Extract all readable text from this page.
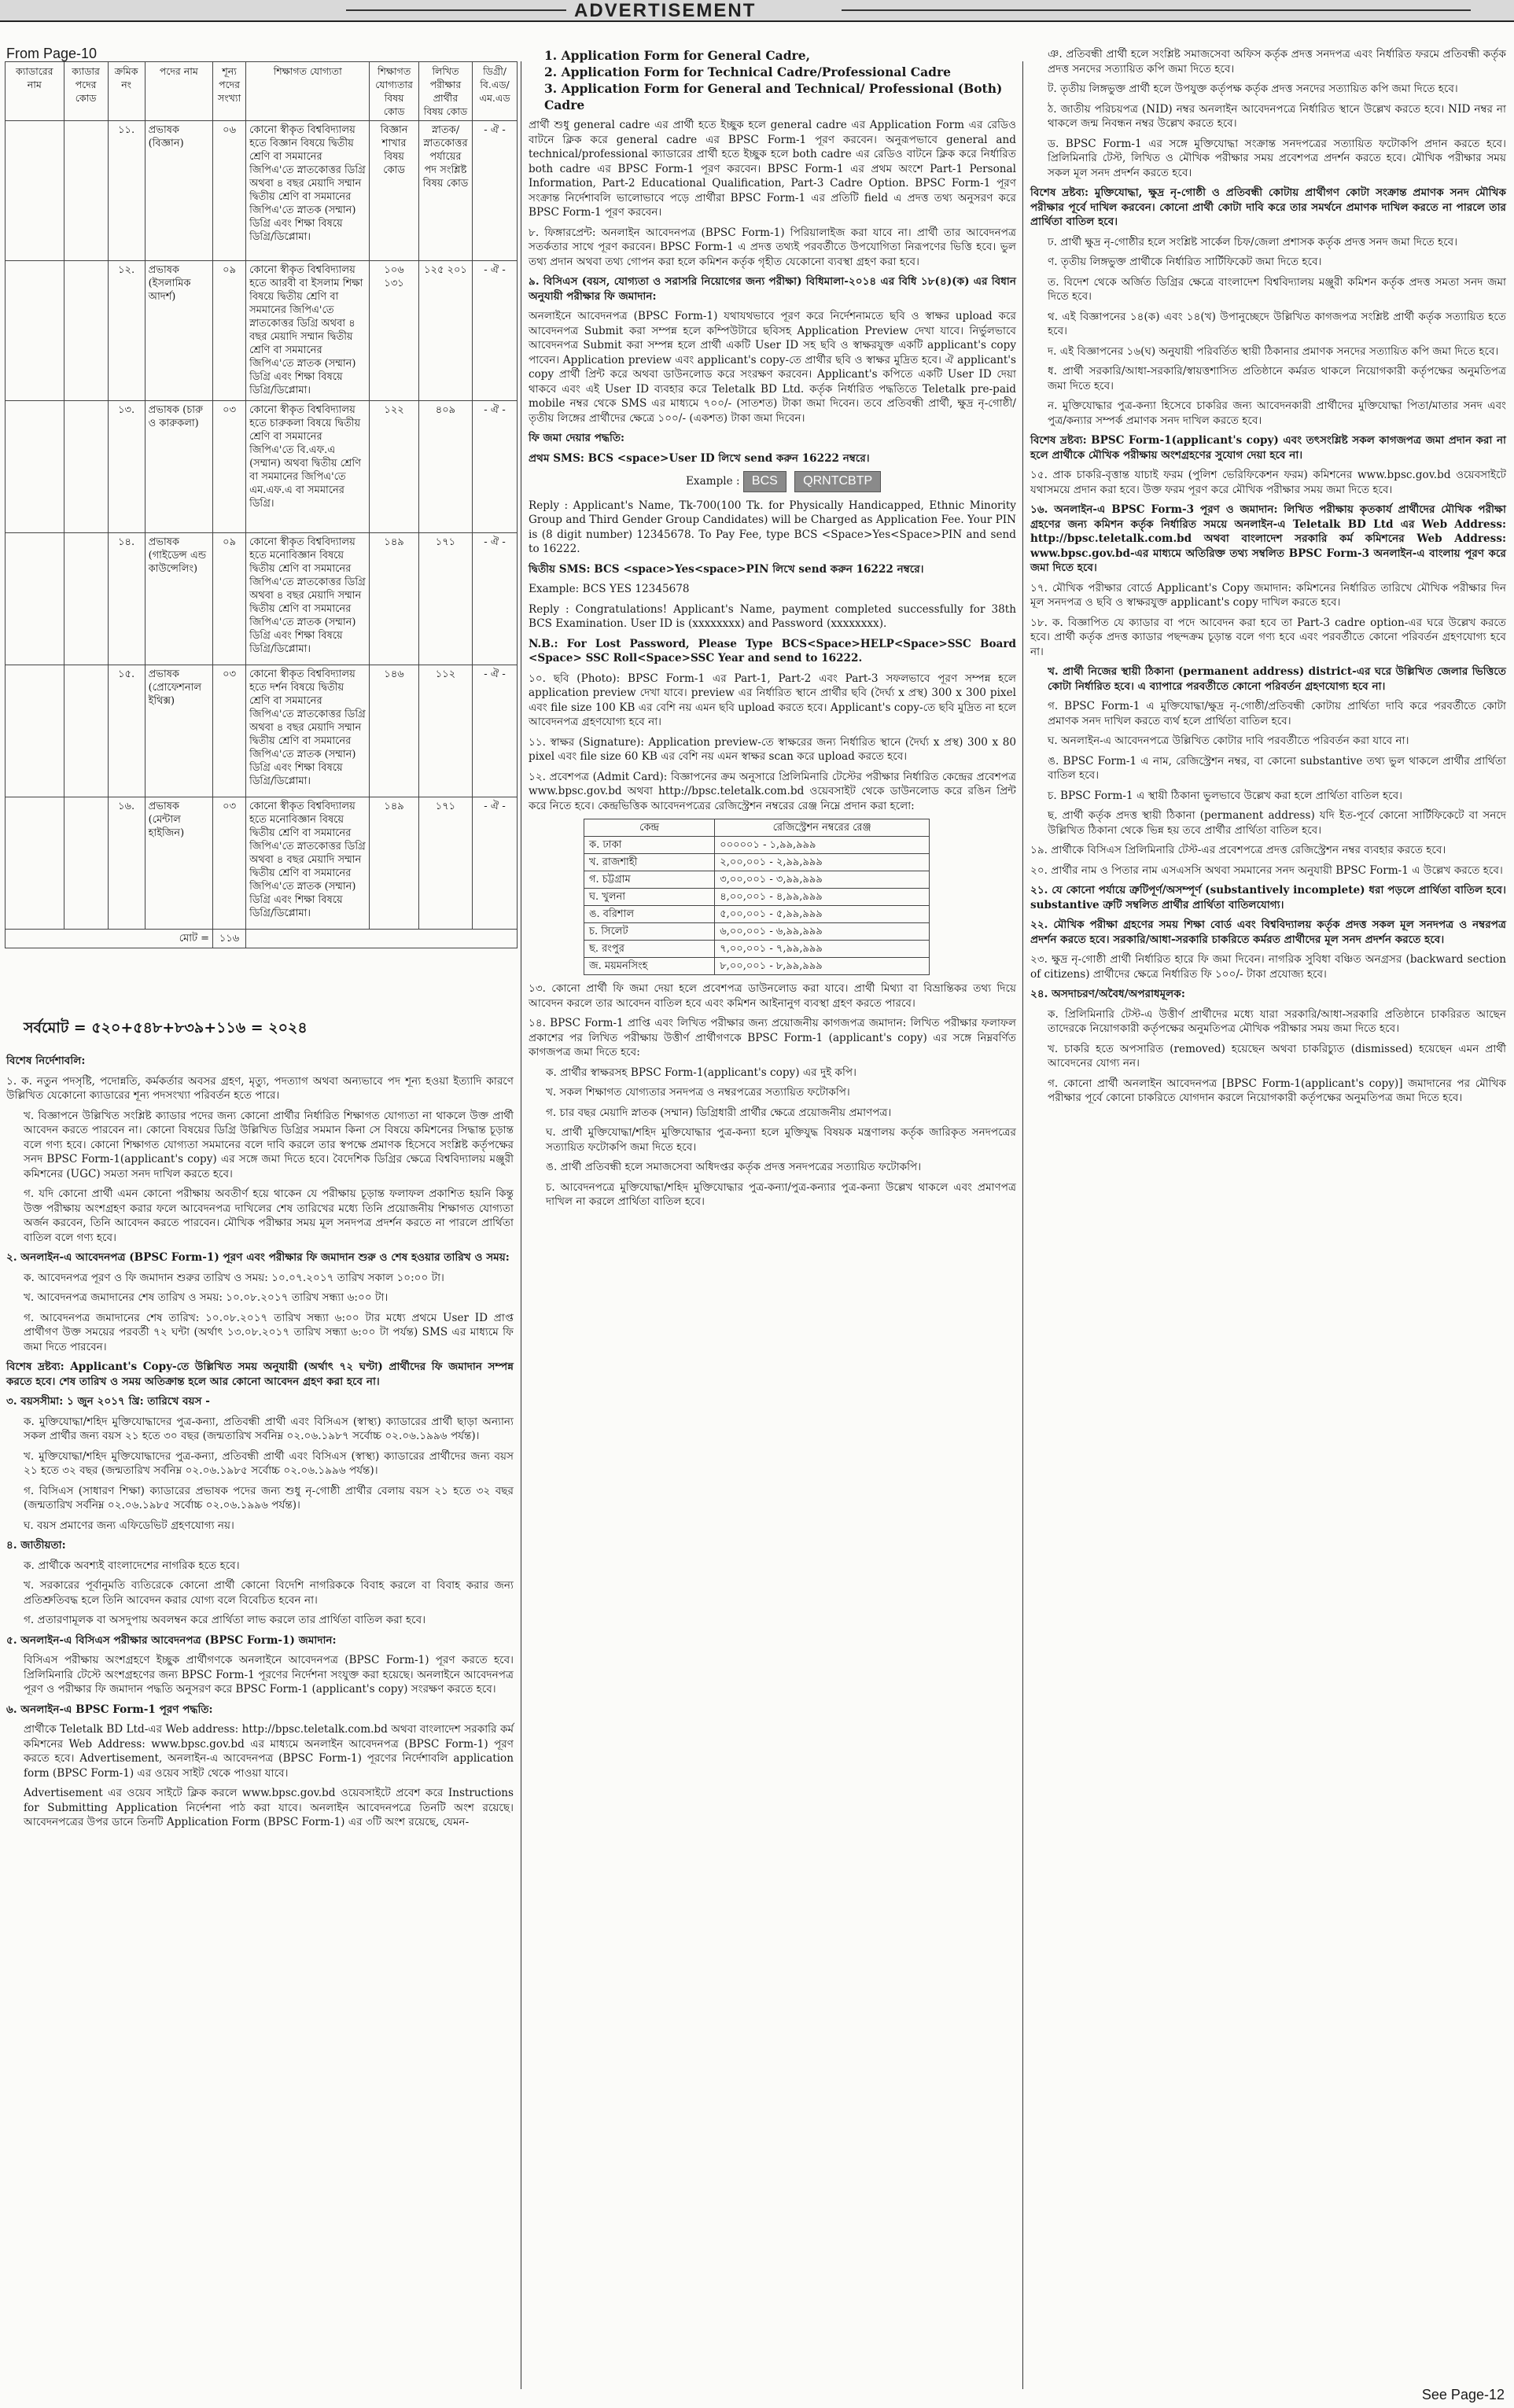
ADVERTISEMENT
From Page-10
ক্যাডারের নাম	ক্যাডার পদের কোড	ক্রমিক নং	পদের নাম	শূন্য পদের সংখ্যা	শিক্ষাগত যোগ্যতা	শিক্ষাগত যোগ্যতার বিষয় কোড	লিখিত পরীক্ষার প্রার্থীর বিষয় কোড	ডিগ্রী/ বি.এড/ এম.এড
		১১.	প্রভাষক (বিজ্ঞান)	০৬	কোনো স্বীকৃত বিশ্ববিদ্যালয় হতে বিজ্ঞান বিষয়ে দ্বিতীয় শ্রেণি বা সমমানের জিপিএ'তে স্নাতকোত্তর ডিগ্রি অথবা ৪ বছর মেয়াদি সম্মান দ্বিতীয় শ্রেণি বা সমমানের জিপিএ'তে স্নাতক (সম্মান) ডিগ্রি এবং শিক্ষা বিষয়ে ডিগ্রি/ডিপ্লোমা।	বিজ্ঞান শাখার বিষয় কোড	স্নাতক/ স্নাতকোত্তর পর্যায়ের পদ সংশ্লিষ্ট বিষয় কোড	- ঐ -
		১২.	প্রভাষক (ইসলামিক আদর্শ)	০৯	কোনো স্বীকৃত বিশ্ববিদ্যালয় হতে আরবী বা ইসলাম শিক্ষা বিষয়ে দ্বিতীয় শ্রেণি বা সমমানের জিপিএ'তে স্নাতকোত্তর ডিগ্রি অথবা ৪ বছর মেয়াদি সম্মান দ্বিতীয় শ্রেণি বা সমমানের জিপিএ'তে স্নাতক (সম্মান) ডিগ্রি এবং শিক্ষা বিষয়ে ডিগ্রি/ডিপ্লোমা।	১০৬ ১৩১	১২৫ ২০১	- ঐ -
		১৩.	প্রভাষক (চারু ও কারুকলা)	০৩	কোনো স্বীকৃত বিশ্ববিদ্যালয় হতে চারুকলা বিষয়ে দ্বিতীয় শ্রেণি বা সমমানের জিপিএ'তে বি.এফ.এ (সম্মান) অথবা দ্বিতীয় শ্রেণি বা সমমানের জিপিএ'তে এম.এফ.এ বা সমমানের ডিগ্রি।	১২২	৪০৯	- ঐ -
		১৪.	প্রভাষক (গাইডেন্স এন্ড কাউন্সেলিং)	০৯	কোনো স্বীকৃত বিশ্ববিদ্যালয় হতে মনোবিজ্ঞান বিষয়ে দ্বিতীয় শ্রেণি বা সমমানের জিপিএ'তে স্নাতকোত্তর ডিগ্রি অথবা ৪ বছর মেয়াদি সম্মান দ্বিতীয় শ্রেণি বা সমমানের জিপিএ'তে স্নাতক (সম্মান) ডিগ্রি এবং শিক্ষা বিষয়ে ডিগ্রি/ডিপ্লোমা।	১৪৯	১৭১	- ঐ -
		১৫.	প্রভাষক (প্রোফেশনাল ইথিক্স)	০৩	কোনো স্বীকৃত বিশ্ববিদ্যালয় হতে দর্শন বিষয়ে দ্বিতীয় শ্রেণি বা সমমানের জিপিএ'তে স্নাতকোত্তর ডিগ্রি অথবা ৪ বছর মেয়াদি সম্মান দ্বিতীয় শ্রেণি বা সমমানের জিপিএ'তে স্নাতক (সম্মান) ডিগ্রি এবং শিক্ষা বিষয়ে ডিগ্রি/ডিপ্লোমা।	১৪৬	১১২	- ঐ -
		১৬.	প্রভাষক (মেন্টাল হাইজিন)	০৩	কোনো স্বীকৃত বিশ্ববিদ্যালয় হতে মনোবিজ্ঞান বিষয়ে দ্বিতীয় শ্রেণি বা সমমানের জিপিএ'তে স্নাতকোত্তর ডিগ্রি অথবা ৪ বছর মেয়াদি সম্মান দ্বিতীয় শ্রেণি বা সমমানের জিপিএ'তে স্নাতক (সম্মান) ডিগ্রি এবং শিক্ষা বিষয়ে ডিগ্রি/ডিপ্লোমা।	১৪৯	১৭১	- ঐ -
মোট =				১১৬				
সর্বমোট = ৫২০+৫৪৮+৮৩৯+১১৬ = ২০২৪

বিশেষ নির্দেশাবলি:

১. ক. নতুন পদসৃষ্টি, পদোন্নতি, কর্মকর্তার অবসর গ্রহণ, মৃত্যু, পদত্যাগ অথবা অন্যভাবে পদ শূন্য হওয়া ইত্যাদি কারণে উল্লিখিত যেকোনো ক্যাডারের শূন্য পদসংখ্যা পরিবর্তন হতে পারে।

খ. বিজ্ঞাপনে উল্লিখিত সংশ্লিষ্ট ক্যাডার পদের জন্য কোনো প্রার্থীর নির্ধারিত শিক্ষাগত যোগ্যতা না থাকলে উক্ত প্রার্থী আবেদন করতে পারবেন না। কোনো বিষয়ের ডিগ্রি উল্লিখিত ডিগ্রির সমমান কিনা সে বিষয়ে কমিশনের সিদ্ধান্ত চূড়ান্ত বলে গণ্য হবে। কোনো শিক্ষাগত যোগ্যতা সমমানের বলে দাবি করলে তার স্বপক্ষে প্রমাণক হিসেবে সংশ্লিষ্ট কর্তৃপক্ষের সনদ BPSC Form-1(applicant's copy) এর সঙ্গে জমা দিতে হবে। বৈদেশিক ডিগ্রির ক্ষেত্রে বিশ্ববিদ্যালয় মঞ্জুরী কমিশনের (UGC) সমতা সনদ দাখিল করতে হবে।

গ. যদি কোনো প্রার্থী এমন কোনো পরীক্ষায় অবতীর্ণ হয়ে থাকেন যে পরীক্ষায় চূড়ান্ত ফলাফল প্রকাশিত হয়নি কিন্তু উক্ত পরীক্ষায় অংশগ্রহণ করার ফলে আবেদনপত্র দাখিলের শেষ তারিখের মধ্যে তিনি প্রয়োজনীয় শিক্ষাগত যোগ্যতা অর্জন করবেন, তিনি আবেদন করতে পারবেন। মৌখিক পরীক্ষার সময় মূল সনদপত্র প্রদর্শন করতে না পারলে প্রার্থিতা বাতিল বলে গণ্য হবে।

২. অনলাইন-এ আবেদনপত্র (BPSC Form-1) পূরণ এবং পরীক্ষার ফি জমাদান শুরু ও শেষ হওয়ার তারিখ ও সময়:

ক. আবেদনপত্র পূরণ ও ফি জমাদান শুরুর তারিখ ও সময়: ১০.০৭.২০১৭ তারিখ সকাল ১০:০০ টা।

খ. আবেদনপত্র জমাদানের শেষ তারিখ ও সময়: ১০.০৮.২০১৭ তারিখ সন্ধ্যা ৬:০০ টা।

গ. আবেদনপত্র জমাদানের শেষ তারিখ: ১০.০৮.২০১৭ তারিখ সন্ধ্যা ৬:০০ টার মধ্যে প্রথমে User ID প্রাপ্ত প্রার্থীগণ উক্ত সময়ের পরবর্তী ৭২ ঘন্টা (অর্থাৎ ১৩.০৮.২০১৭ তারিখ সন্ধ্যা ৬:০০ টা পর্যন্ত) SMS এর মাধ্যমে ফি জমা দিতে পারবেন।

বিশেষ দ্রষ্টব্য: Applicant's Copy-তে উল্লিখিত সময় অনুযায়ী (অর্থাৎ ৭২ ঘণ্টা) প্রার্থীদের ফি জমাদান সম্পন্ন করতে হবে। শেষ তারিখ ও সময় অতিক্রান্ত হলে আর কোনো আবেদন গ্রহণ করা হবে না।

৩. বয়সসীমা: ১ জুন ২০১৭ খ্রি: তারিখে বয়স -

ক. মুক্তিযোদ্ধা/শহিদ মুক্তিযোদ্ধাদের পুত্র-কন্যা, প্রতিবন্ধী প্রার্থী এবং বিসিএস (স্বাস্থ্য) ক্যাডারের প্রার্থী ছাড়া অন্যান্য সকল প্রার্থীর জন্য বয়স ২১ হতে ৩০ বছর (জন্মতারিখ সর্বনিম্ন ০২.০৬.১৯৮৭ সর্বোচ্চ ০২.০৬.১৯৯৬ পর্যন্ত)।

খ. মুক্তিযোদ্ধা/শহিদ মুক্তিযোদ্ধাদের পুত্র-কন্যা, প্রতিবন্ধী প্রার্থী এবং বিসিএস (স্বাস্থ্য) ক্যাডারের প্রার্থীদের জন্য বয়স ২১ হতে ৩২ বছর (জন্মতারিখ সর্বনিম্ন ০২.০৬.১৯৮৫ সর্বোচ্চ ০২.০৬.১৯৯৬ পর্যন্ত)।

গ. বিসিএস (সাধারণ শিক্ষা) ক্যাডারের প্রভাষক পদের জন্য শুধু নৃ-গোষ্ঠী প্রার্থীর বেলায় বয়স ২১ হতে ৩২ বছর (জন্মতারিখ সর্বনিম্ন ০২.০৬.১৯৮৫ সর্বোচ্চ ০২.০৬.১৯৯৬ পর্যন্ত)।

ঘ. বয়স প্রমাণের জন্য এফিডেভিট গ্রহণযোগ্য নয়।

৪. জাতীয়তা:

ক. প্রার্থীকে অবশ্যই বাংলাদেশের নাগরিক হতে হবে।

খ. সরকারের পূর্বানুমতি ব্যতিরেকে কোনো প্রার্থী কোনো বিদেশি নাগরিককে বিবাহ করলে বা বিবাহ করার জন্য প্রতিশ্রুতিবদ্ধ হলে তিনি আবেদন করার যোগ্য বলে বিবেচিত হবেন না।

গ. প্রতারণামূলক বা অসদুপায় অবলম্বন করে প্রার্থিতা লাভ করলে তার প্রার্থিতা বাতিল করা হবে।

৫. অনলাইন-এ বিসিএস পরীক্ষার আবেদনপত্র (BPSC Form-1) জমাদান:

বিসিএস পরীক্ষায় অংশগ্রহণে ইচ্ছুক প্রার্থীগণকে অনলাইনে আবেদনপত্র (BPSC Form-1) পূরণ করতে হবে। প্রিলিমিনারি টেস্টে অংশগ্রহণের জন্য BPSC Form-1 পূরণের নির্দেশনা সংযুক্ত করা হয়েছে। অনলাইনে আবেদনপত্র পূরণ ও পরীক্ষার ফি জমাদান পদ্ধতি অনুসরণ করে BPSC Form-1 (applicant's copy) সংরক্ষণ করতে হবে।

৬. অনলাইন-এ BPSC Form-1 পূরণ পদ্ধতি:

প্রার্থীকে Teletalk BD Ltd-এর Web address: http://bpsc.teletalk.com.bd অথবা বাংলাদেশ সরকারি কর্ম কমিশনের Web Address: www.bpsc.gov.bd এর মাধ্যমে অনলাইন আবেদনপত্র (BPSC Form-1) পূরণ করতে হবে। Advertisement, অনলাইন-এ আবেদনপত্র (BPSC Form-1) পূরণের নির্দেশাবলি application form (BPSC Form-1) এর ওয়েব সাইট থেকে পাওয়া যাবে।

Advertisement এর ওয়েব সাইটে ক্লিক করলে www.bpsc.gov.bd ওয়েবসাইটে প্রবেশ করে Instructions for Submitting Application নির্দেশনা পাঠ করা যাবে। অনলাইন আবেদনপত্রে তিনটি অংশ রয়েছে। আবেদনপত্রের উপর ডানে তিনটি Application Form (BPSC Form-1) এর ৩টি অংশ রয়েছে, যেমন-

1. Application Form for General Cadre,
2. Application Form for Technical Cadre/Professional Cadre
3. Application Form for General and Technical/ Professional (Both) Cadre

প্রার্থী শুধু general cadre এর প্রার্থী হতে ইচ্ছুক হলে general cadre এর Application Form এর রেডিও বাটনে ক্লিক করে general cadre এর BPSC Form-1 পূরণ করবেন। অনুরূপভাবে general and technical/professional ক্যাডারের প্রার্থী হতে ইচ্ছুক হলে both cadre এর রেডিও বাটনে ক্লিক করে নির্ধারিত both cadre এর BPSC Form-1 পূরণ করবেন। BPSC Form-1 এর প্রথম অংশে Part-1 Personal Information, Part-2 Educational Qualification, Part-3 Cadre Option. BPSC Form-1 পূরণ সংক্রান্ত নির্দেশাবলি ভালোভাবে পড়ে প্রার্থীরা BPSC Form-1 এর প্রতিটি field এ প্রদত্ত তথ্য অনুসরণ করে BPSC Form-1 পূরণ করবেন।

৮. ফিঙ্গারপ্রেন্ট: অনলাইন আবেদনপত্র (BPSC Form-1) পিরিয়ালাইজ করা যাবে না। প্রার্থী তার আবেদনপত্র সতর্কতার সাথে পূরণ করবেন। BPSC Form-1 এ প্রদত্ত তথ্যই পরবর্তীতে উপযোগিতা নিরূপণের ভিত্তি হবে। ভুল তথ্য প্রদান অথবা তথ্য গোপন করা হলে কমিশন কর্তৃক গৃহীত যেকোনো ব্যবস্থা গ্রহণ করা হবে।

৯. বিসিএস (বয়স, যোগ্যতা ও সরাসরি নিয়োগের জন্য পরীক্ষা) বিধিমালা-২০১৪ এর বিধি ১৮(৪)(ক) এর বিধান অনুযায়ী পরীক্ষার ফি জমাদান:

অনলাইনে আবেদনপত্র (BPSC Form-1) যথাযথভাবে পূরণ করে নির্দেশনামতে ছবি ও স্বাক্ষর upload করে আবেদনপত্র Submit করা সম্পন্ন হলে কম্পিউটারে ছবিসহ Application Preview দেখা যাবে। নির্ভুলভাবে আবেদনপত্র Submit করা সম্পন্ন হলে প্রার্থী একটি User ID সহ ছবি ও স্বাক্ষরযুক্ত একটি applicant's copy পাবেন। Application preview এবং applicant's copy-তে প্রার্থীর ছবি ও স্বাক্ষর মুদ্রিত হবে। ঐ applicant's copy প্রার্থী প্রিন্ট করে অথবা ডাউনলোড করে সংরক্ষণ করবেন। Applicant's কপিতে একটি User ID দেয়া থাকবে এবং এই User ID ব্যবহার করে Teletalk BD Ltd. কর্তৃক নির্ধারিত পদ্ধতিতে Teletalk pre-paid mobile নম্বর থেকে SMS এর মাধ্যমে ৭০০/- (সাতশত) টাকা জমা দিবেন। তবে প্রতিবন্ধী প্রার্থী, ক্ষুদ্র নৃ-গোষ্ঠী/তৃতীয় লিঙ্গের প্রার্থীদের ক্ষেত্রে ১০০/- (একশত) টাকা জমা দিবেন।

ফি জমা দেয়ার পদ্ধতি:

প্রথম SMS: BCS <space>User ID লিখে send করুন 16222 নম্বরে।

Example : BCS QRNTCBTP

Reply : Applicant's Name, Tk-700(100 Tk. for Physically Handicapped, Ethnic Minority Group and Third Gender Group Candidates) will be Charged as Application Fee. Your PIN is (8 digit number) 12345678. To Pay Fee, type BCS <Space>Yes<Space>PIN and send to 16222.

দ্বিতীয় SMS: BCS <space>Yes<space>PIN লিখে send করুন 16222 নম্বরে।

Example: BCS YES 12345678

Reply : Congratulations! Applicant's Name, payment completed successfully for 38th BCS Examination. User ID is (xxxxxxxx) and Password (xxxxxxxx).

N.B.: For Lost Password, Please Type BCS<Space>HELP<Space>SSC Board <Space> SSC Roll<Space>SSC Year and send to 16222.

১০. ছবি (Photo): BPSC Form-1 এর Part-1, Part-2 এবং Part-3 সফলভাবে পূরণ সম্পন্ন হলে application preview দেখা যাবে। preview এর নির্ধারিত স্থানে প্রার্থীর ছবি (দৈর্ঘ্য x প্রস্থ) 300 x 300 pixel এবং file size 100 KB এর বেশি নয় এমন ছবি upload করতে হবে। Applicant's copy-তে ছবি মুদ্রিত না হলে আবেদনপত্র গ্রহণযোগ্য হবে না।

১১. স্বাক্ষর (Signature): Application preview-তে স্বাক্ষরের জন্য নির্ধারিত স্থানে (দৈর্ঘ্য x প্রস্থ) 300 x 80 pixel এবং file size 60 KB এর বেশি নয় এমন স্বাক্ষর scan করে upload করতে হবে।

১২. প্রবেশপত্র (Admit Card): বিজ্ঞাপনের ক্রম অনুসারে প্রিলিমিনারি টেস্টের পরীক্ষার নির্ধারিত কেন্দ্রের প্রবেশপত্র www.bpsc.gov.bd অথবা http://bpsc.teletalk.com.bd ওয়েবসাইট থেকে ডাউনলোড করে রঙিন প্রিন্ট করে নিতে হবে। কেন্দ্রভিত্তিক আবেদনপত্রের রেজিস্ট্রেশন নম্বরের রেঞ্জ নিম্নে প্রদান করা হলো:

কেন্দ্র	রেজিস্ট্রেশন নম্বরের রেঞ্জ
ক. ঢাকা	০০০০০১ - ১,৯৯,৯৯৯
খ. রাজশাহী	২,০০,০০১ - ২,৯৯,৯৯৯
গ. চট্টগ্রাম	৩,০০,০০১ - ৩,৯৯,৯৯৯
ঘ. খুলনা	৪,০০,০০১ - ৪,৯৯,৯৯৯
ঙ. বরিশাল	৫,০০,০০১ - ৫,৯৯,৯৯৯
চ. সিলেট	৬,০০,০০১ - ৬,৯৯,৯৯৯
ছ. রংপুর	৭,০০,০০১ - ৭,৯৯,৯৯৯
জ. ময়মনসিংহ	৮,০০,০০১ - ৮,৯৯,৯৯৯

১৩. কোনো প্রার্থী ফি জমা দেয়া হলে প্রবেশপত্র ডাউনলোড করা যাবে। প্রার্থী মিথ্যা বা বিভ্রান্তিকর তথ্য দিয়ে আবেদন করলে তার আবেদন বাতিল হবে এবং কমিশন আইনানুগ ব্যবস্থা গ্রহণ করতে পারবে।

১৪. BPSC Form-1 প্রাপ্তি এবং লিখিত পরীক্ষার জন্য প্রয়োজনীয় কাগজপত্র জমাদান: লিখিত পরীক্ষার ফলাফল প্রকাশের পর লিখিত পরীক্ষায় উত্তীর্ণ প্রার্থীগণকে BPSC Form-1 (applicant's copy) এর সঙ্গে নিম্নবর্ণিত কাগজপত্র জমা দিতে হবে:

ক. প্রার্থীর স্বাক্ষরসহ BPSC Form-1(applicant's copy) এর দুই কপি।

খ. সকল শিক্ষাগত যোগ্যতার সনদপত্র ও নম্বরপত্রের সত্যায়িত ফটোকপি।

গ. চার বছর মেয়াদি স্নাতক (সম্মান) ডিগ্রিধারী প্রার্থীর ক্ষেত্রে প্রয়োজনীয় প্রমাণপত্র।

ঘ. প্রার্থী মুক্তিযোদ্ধা/শহিদ মুক্তিযোদ্ধার পুত্র-কন্যা হলে মুক্তিযুদ্ধ বিষয়ক মন্ত্রণালয় কর্তৃক জারিকৃত সনদপত্রের সত্যায়িত ফটোকপি জমা দিতে হবে।

ঙ. প্রার্থী প্রতিবন্ধী হলে সমাজসেবা অধিদপ্তর কর্তৃক প্রদত্ত সনদপত্রের সত্যায়িত ফটোকপি।

চ. আবেদনপত্রে মুক্তিযোদ্ধা/শহিদ মুক্তিযোদ্ধার পুত্র-কন্যা/পুত্র-কন্যার পুত্র-কন্যা উল্লেখ থাকলে এবং প্রমাণপত্র দাখিল না করলে প্রার্থিতা বাতিল হবে।

ঞ. প্রতিবন্ধী প্রার্থী হলে সংশ্লিষ্ট সমাজসেবা অফিস কর্তৃক প্রদত্ত সনদপত্র এবং নির্ধারিত ফরমে প্রতিবন্ধী কর্তৃক প্রদত্ত সনদের সত্যায়িত কপি জমা দিতে হবে।

ট. তৃতীয় লিঙ্গভুক্ত প্রার্থী হলে উপযুক্ত কর্তৃপক্ষ কর্তৃক প্রদত্ত সনদের সত্যায়িত কপি জমা দিতে হবে।

ঠ. জাতীয় পরিচয়পত্র (NID) নম্বর অনলাইন আবেদনপত্রে নির্ধারিত স্থানে উল্লেখ করতে হবে। NID নম্বর না থাকলে জন্ম নিবন্ধন নম্বর উল্লেখ করতে হবে।

ড. BPSC Form-1 এর সঙ্গে মুক্তিযোদ্ধা সংক্রান্ত সনদপত্রের সত্যায়িত ফটোকপি প্রদান করতে হবে। প্রিলিমিনারি টেস্ট, লিখিত ও মৌখিক পরীক্ষার সময় প্রবেশপত্র প্রদর্শন করতে হবে। মৌখিক পরীক্ষার সময় সকল মূল সনদ প্রদর্শন করতে হবে।

বিশেষ দ্রষ্টব্য: মুক্তিযোদ্ধা, ক্ষুদ্র নৃ-গোষ্ঠী ও প্রতিবন্ধী কোটায় প্রার্থীগণ কোটা সংক্রান্ত প্রমাণক সনদ মৌখিক পরীক্ষার পূর্বে দাখিল করবেন। কোনো প্রার্থী কোটা দাবি করে তার সমর্থনে প্রমাণক দাখিল করতে না পারলে তার প্রার্থিতা বাতিল হবে।

ঢ. প্রার্থী ক্ষুদ্র নৃ-গোষ্ঠীর হলে সংশ্লিষ্ট সার্কেল চিফ/জেলা প্রশাসক কর্তৃক প্রদত্ত সনদ জমা দিতে হবে।

ণ. তৃতীয় লিঙ্গভুক্ত প্রার্থীকে নির্ধারিত সার্টিফিকেট জমা দিতে হবে।

ত. বিদেশ থেকে অর্জিত ডিগ্রির ক্ষেত্রে বাংলাদেশ বিশ্ববিদ্যালয় মঞ্জুরী কমিশন কর্তৃক প্রদত্ত সমতা সনদ জমা দিতে হবে।

থ. এই বিজ্ঞাপনের ১৪(ক) এবং ১৪(খ) উপানুচ্ছেদে উল্লিখিত কাগজপত্র সংশ্লিষ্ট প্রার্থী কর্তৃক সত্যায়িত হতে হবে।

দ. এই বিজ্ঞাপনের ১৬(ঘ) অনুযায়ী পরিবর্তিত স্থায়ী ঠিকানার প্রমাণক সনদের সত্যায়িত কপি জমা দিতে হবে।

ধ. প্রার্থী সরকারি/আধা-সরকারি/স্বায়ত্তশাসিত প্রতিষ্ঠানে কর্মরত থাকলে নিয়োগকারী কর্তৃপক্ষের অনুমতিপত্র জমা দিতে হবে।

ন. মুক্তিযোদ্ধার পুত্র-কন্যা হিসেবে চাকরির জন্য আবেদনকারী প্রার্থীদের মুক্তিযোদ্ধা পিতা/মাতার সনদ এবং পুত্র/কন্যার সম্পর্ক প্রমাণক সনদ দাখিল করতে হবে।

বিশেষ দ্রষ্টব্য: BPSC Form-1(applicant's copy) এবং তৎসংশ্লিষ্ট সকল কাগজপত্র জমা প্রদান করা না হলে প্রার্থীকে মৌখিক পরীক্ষায় অংশগ্রহণের সুযোগ দেয়া হবে না।

১৫. প্রাক চাকরি-বৃত্তান্ত যাচাই ফরম (পুলিশ ভেরিফিকেশন ফরম) কমিশনের www.bpsc.gov.bd ওয়েবসাইটে যথাসময়ে প্রদান করা হবে। উক্ত ফরম পূরণ করে মৌখিক পরীক্ষার সময় জমা দিতে হবে।

১৬. অনলাইন-এ BPSC Form-3 পূরণ ও জমাদান: লিখিত পরীক্ষায় কৃতকার্য প্রার্থীদের মৌখিক পরীক্ষা গ্রহণের জন্য কমিশন কর্তৃক নির্ধারিত সময়ে অনলাইন-এ Teletalk BD Ltd এর Web Address: http://bpsc.teletalk.com.bd অথবা বাংলাদেশ সরকারি কর্ম কমিশনের Web Address: www.bpsc.gov.bd-এর মাধ্যমে অতিরিক্ত তথ্য সম্বলিত BPSC Form-3 অনলাইন-এ বাংলায় পূরণ করে জমা দিতে হবে।

১৭. মৌখিক পরীক্ষার বোর্ডে Applicant's Copy জমাদান: কমিশনের নির্ধারিত তারিখে মৌখিক পরীক্ষার দিন মূল সনদপত্র ও ছবি ও স্বাক্ষরযুক্ত applicant's copy দাখিল করতে হবে।

১৮. ক. বিজ্ঞাপিত যে ক্যাডার বা পদে আবেদন করা হবে তা Part-3 cadre option-এর ঘরে উল্লেখ করতে হবে। প্রার্থী কর্তৃক প্রদত্ত ক্যাডার পছন্দক্রম চূড়ান্ত বলে গণ্য হবে এবং পরবর্তীতে কোনো পরিবর্তন গ্রহণযোগ্য হবে না।

খ. প্রার্থী নিজের স্থায়ী ঠিকানা (permanent address) district-এর ঘরে উল্লিখিত জেলার ভিত্তিতে কোটা নির্ধারিত হবে। এ ব্যাপারে পরবর্তীতে কোনো পরিবর্তন গ্রহণযোগ্য হবে না।

গ. BPSC Form-1 এ মুক্তিযোদ্ধা/ক্ষুদ্র নৃ-গোষ্ঠী/প্রতিবন্ধী কোটায় প্রার্থিতা দাবি করে পরবর্তীতে কোটা প্রমাণক সনদ দাখিল করতে ব্যর্থ হলে প্রার্থিতা বাতিল হবে।

ঘ. অনলাইন-এ আবেদনপত্রে উল্লিখিত কোটার দাবি পরবর্তীতে পরিবর্তন করা যাবে না।

ঙ. BPSC Form-1 এ নাম, রেজিস্ট্রেশন নম্বর, বা কোনো substantive তথ্য ভুল থাকলে প্রার্থীর প্রার্থিতা বাতিল হবে।

চ. BPSC Form-1 এ স্থায়ী ঠিকানা ভুলভাবে উল্লেখ করা হলে প্রার্থিতা বাতিল হবে।

ছ. প্রার্থী কর্তৃক প্রদত্ত স্থায়ী ঠিকানা (permanent address) যদি ইত-পূর্বে কোনো সার্টিফিকেটে বা সনদে উল্লিখিত ঠিকানা থেকে ভিন্ন হয় তবে প্রার্থীর প্রার্থিতা বাতিল হবে।

১৯. প্রার্থীকে বিসিএস প্রিলিমিনারি টেস্ট-এর প্রবেশপত্রে প্রদত্ত রেজিস্ট্রেশন নম্বর ব্যবহার করতে হবে।

২০. প্রার্থীর নাম ও পিতার নাম এসএসসি অথবা সমমানের সনদ অনুযায়ী BPSC Form-1 এ উল্লেখ করতে হবে।

২১. যে কোনো পর্যায়ে ত্রুটিপূর্ণ/অসম্পূর্ণ (substantively incomplete) ধরা পড়লে প্রার্থিতা বাতিল হবে। substantive ত্রুটি সম্বলিত প্রার্থীর প্রার্থিতা বাতিলযোগ্য।

২২. মৌখিক পরীক্ষা গ্রহণের সময় শিক্ষা বোর্ড এবং বিশ্ববিদ্যালয় কর্তৃক প্রদত্ত সকল মূল সনদপত্র ও নম্বরপত্র প্রদর্শন করতে হবে। সরকারি/আধা-সরকারি চাকরিতে কর্মরত প্রার্থীদের মূল সনদ প্রদর্শন করতে হবে।

২৩. ক্ষুদ্র নৃ-গোষ্ঠী প্রার্থী নির্ধারিত হারে ফি জমা দিবেন। নাগরিক সুবিধা বঞ্চিত অনগ্রসর (backward section of citizens) প্রার্থীদের ক্ষেত্রে নির্ধারিত ফি ১০০/- টাকা প্রযোজ্য হবে।

২৪. অসদাচরণ/অবৈধ/অপরাধমূলক:

ক. প্রিলিমিনারি টেস্ট-এ উত্তীর্ণ প্রার্থীদের মধ্যে যারা সরকারি/আধা-সরকারি প্রতিষ্ঠানে চাকরিরত আছেন তাদেরকে নিয়োগকারী কর্তৃপক্ষের অনুমতিপত্র মৌখিক পরীক্ষার সময় জমা দিতে হবে।

খ. চাকরি হতে অপসারিত (removed) হয়েছেন অথবা চাকরিচ্যুত (dismissed) হয়েছেন এমন প্রার্থী আবেদনের যোগ্য নন।

গ. কোনো প্রার্থী অনলাইন আবেদনপত্র [BPSC Form-1(applicant's copy)] জমাদানের পর মৌখিক পরীক্ষার পূর্বে কোনো চাকরিতে যোগদান করলে নিয়োগকারী কর্তৃপক্ষের অনুমতিপত্র জমা দিতে হবে।

See Page-12
